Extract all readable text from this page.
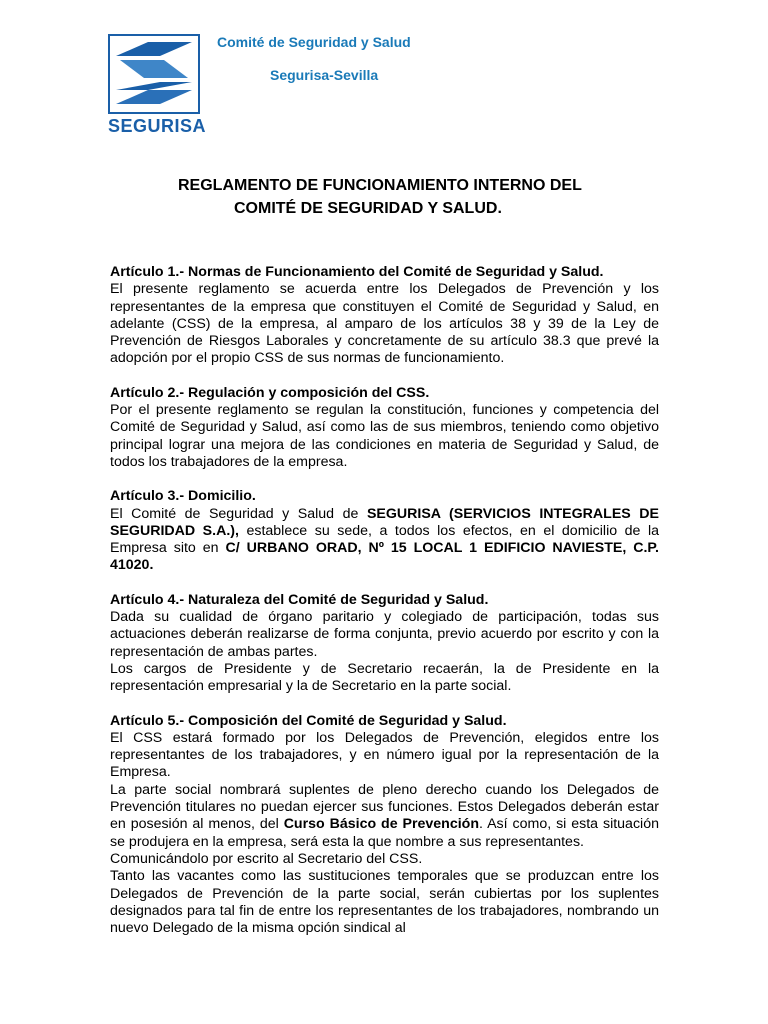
SEGURISA
Comité de Seguridad y Salud
Segurisa-Sevilla
REGLAMENTO DE FUNCIONAMIENTO INTERNO DEL
COMITÉ DE SEGURIDAD Y SALUD.
Artículo 1.- Normas de Funcionamiento del Comité de Seguridad y Salud.

El presente reglamento se acuerda entre los Delegados de Prevención y los representantes de la empresa que constituyen el Comité de Seguridad y Salud, en adelante (CSS) de la empresa, al amparo de los artículos 38 y 39 de la Ley de Prevención de Riesgos Laborales y concretamente de su artículo 38.3 que prevé la adopción por el propio CSS de sus normas de funcionamiento.

Artículo 2.- Regulación y composición del CSS.

Por el presente reglamento se regulan la constitución, funciones y competencia del Comité de Seguridad y Salud, así como las de sus miembros, teniendo como objetivo principal lograr una mejora de las condiciones en materia de Seguridad y Salud, de todos los trabajadores de la empresa.

Artículo 3.- Domicilio.

El Comité de Seguridad y Salud de SEGURISA (SERVICIOS INTEGRALES DE SEGURIDAD S.A.), establece su sede, a todos los efectos, en el domicilio de la Empresa sito en C/ URBANO ORAD, Nº 15 LOCAL 1 EDIFICIO NAVIESTE, C.P. 41020.

Artículo 4.- Naturaleza del Comité de Seguridad y Salud.

Dada su cualidad de órgano paritario y colegiado de participación, todas sus actuaciones deberán realizarse de forma conjunta, previo acuerdo por escrito y con la representación de ambas partes.

Los cargos de Presidente y de Secretario recaerán, la de Presidente en la representación empresarial y la de Secretario en la parte social.

Artículo 5.- Composición del Comité de Seguridad y Salud.

El CSS estará formado por los Delegados de Prevención, elegidos entre los representantes de los trabajadores, y en número igual por la representación de la Empresa.

La parte social nombrará suplentes de pleno derecho cuando los Delegados de Prevención titulares no puedan ejercer sus funciones. Estos Delegados deberán estar en posesión al menos, del Curso Básico de Prevención. Así como, si esta situación se produjera en la empresa, será esta la que nombre a sus representantes.

Comunicándolo por escrito al Secretario del CSS.

Tanto las vacantes como las sustituciones temporales que se produzcan entre los Delegados de Prevención de la parte social, serán cubiertas por los suplentes designados para tal fin de entre los representantes de los trabajadores, nombrando un nuevo Delegado de la misma opción sindical al
